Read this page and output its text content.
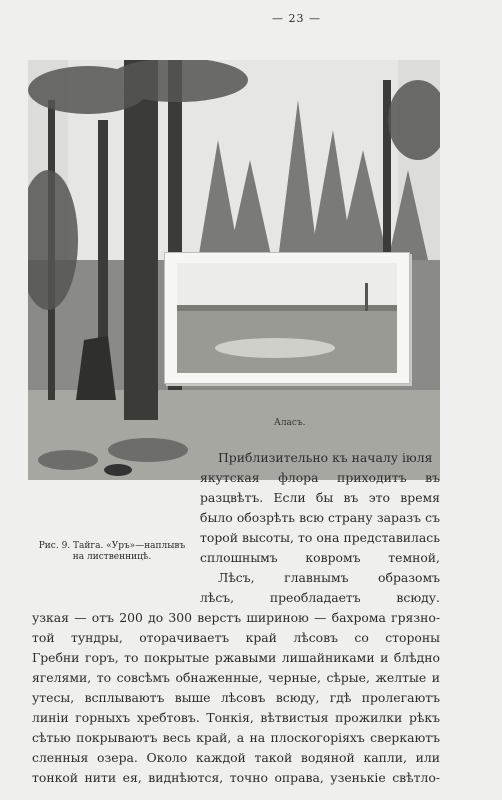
— 23 —
Аласъ.
Рис. 9. Тайга. «Уръ»—наплывъ на лиственницѣ.
Приблизительно къ началу іюля
якутская флора приходитъ въ
разцвѣтъ. Если бы въ это время
было обозрѣть всю страну заразъ съ
торой высоты, то она представилась
сплошнымъ ковромъ темной,
Лѣсъ, главнымъ образомъ
лѣсъ, преобладаетъ всюду.
узкая — отъ 200 до 300 верстъ шириною — бахрома грязно-
той тундры, оторачиваетъ край лѣсовъ со стороны
Гребни горъ, то покрытые ржавыми лишайниками и блѣдно
ягелями, то совсѣмъ обнаженные, черные, сѣрые, желтые и
утесы, всплываютъ выше лѣсовъ всюду, гдѣ пролегаютъ
линіи горныхъ хребтовъ. Тонкія, вѣтвистыя прожилки рѣкъ
сѣтью покрываютъ весь край, а на плоскогоріяхъ сверкаютъ
сленныя озера. Около каждой такой водяной капли, или
тонкой нити ея, виднѣются, точно оправа, узенькіе свѣтло-
